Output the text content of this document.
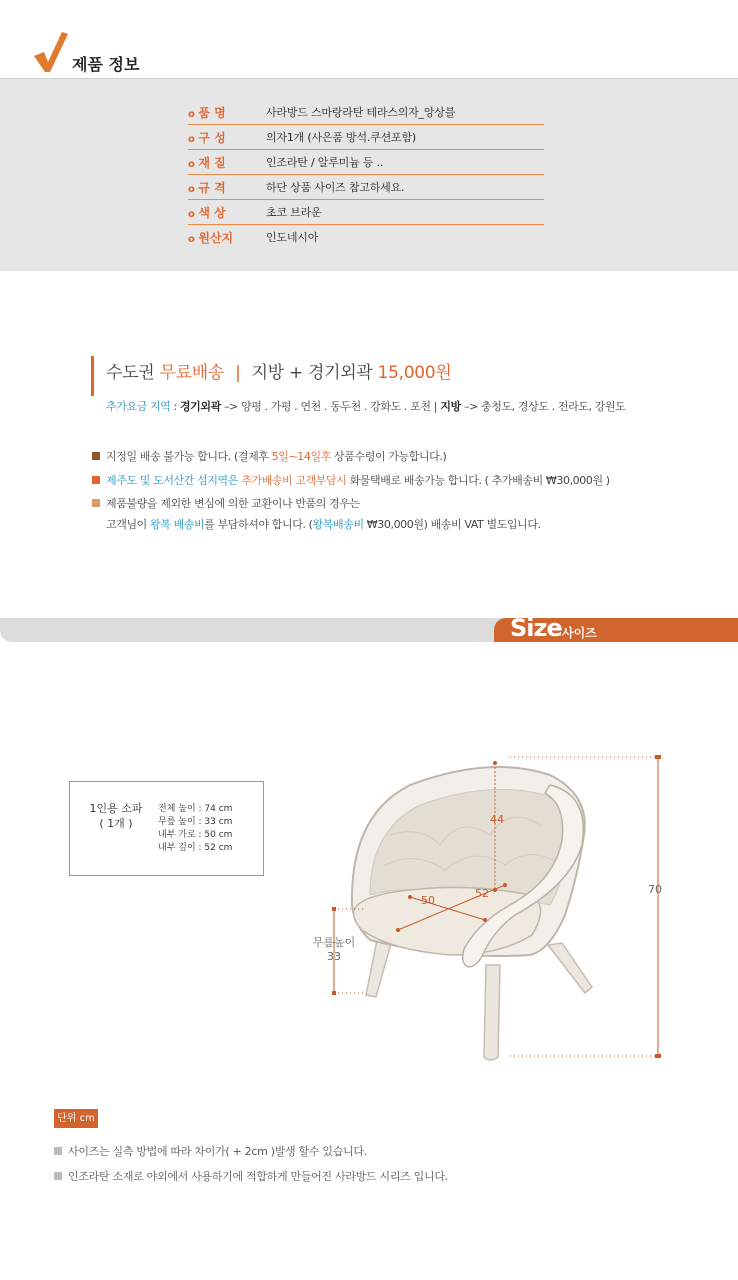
제품 정보
o 품 명	사라방드 스마랑라탄 테라스의자_앙상블
o 구 성	의자1개 (사은품 방석.쿠션포함)
o 재 질	인조라탄 / 알루미늄 등 ..
o 규 격	하단 상품 사이즈 참고하세요.
o 색 상	초코 브라운
o 원산지	인도네시아
수도권 무료배송 | 지방 + 경기외곽 15,000원
추가요금 지역 : 경기외곽 –> 양평 . 가평 . 연천 . 동두천 . 강화도 . 포천 | 지방 –> 충청도, 경상도 . 전라도, 강원도
지정일 배송 불가능 합니다. (결제후 5일~14일후 상품수령이 가능합니다.)
제주도 및 도서산간 섬지역은 추가배송비 고객부담시 화물택배로 배송가능 합니다. ( 추가배송비 ₩30,000원 )
제품불량을 제외한 변심에 의한 교환이나 반품의 경우는
고객님이 왕복 배송비를 부담하셔야 합니다. (왕복배송비 ₩30,000원) 배송비 VAT 별도입니다.
Size 사이즈
1인용 소파
( 1개 )
전체 높이 : 74 cm
무릎 높이 : 33 cm
내부 가로 : 50 cm
내부 깊이 : 52 cm
44
50
52	70
무릎높이
33
단위 cm
사이즈는 실측 방법에 따라 차이가( + 2cm )발생 할수 있습니다.
인조라탄 소재로 야외에서 사용하기에 적합하게 만들어진 사라방드 시리즈 입니다.
